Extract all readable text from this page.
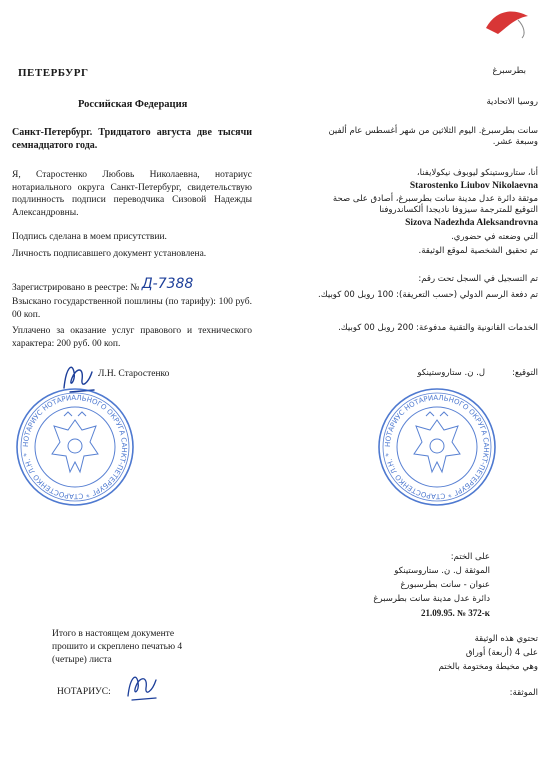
ПЕТЕРБУРГ
Российская Федерация
Санкт-Петербург. Тридцатого августа две тысячи семнадцатого года.
Я, Старостенко Любовь Николаевна, нотариус нотариального округа Санкт-Петербург, свидетельствую подлинность подписи переводчика Сизовой Надежды Александровны.
Подпись сделана в моем присутствии.
Личность подписавшего документ установлена.
Зарегистрировано в реестре: № Д-7388
Взыскано государственной пошлины (по тарифу): 100 руб. 00 коп.
Уплачено за оказание услуг правового и технического характера: 200 руб. 00 коп.
Л.Н. Старостенко
НОТАРИУС НОТАРИАЛЬНОГО ОКРУГА САНКТ-ПЕТЕРБУРГ * СТАРОСТЕНКО Л.Н. *
Итого в настоящем документе прошито и скреплено печатью 4 (четыре) листа
НОТАРИУС:
بطرسبرغ
روسيا الاتحادية
سانت بطرسبرغ. اليوم الثلاثين من شهر أغسطس عام ألفين وسبعة عشر.
أنا، ستاروستينكو ليوبوف نيكولايفنا،
Starostenko Liubov Nikolaevna
موثقة دائرة عدل مدينة سانت بطرسبرغ، أصادق على صحة التوقيع للمترجمة سيزوفا ناديجدا ألكساندروفنا
Sizova Nadezhda Aleksandrovna
التي وضعته في حضوري.
تم تحقيق الشخصية لموقع الوثيقة.
تم التسجيل في السجل تحت رقم:
تم دفعة الرسم الدولي (حسب التعريفة): 100 روبل 00 كوبيك.
الخدمات القانونية والتقنية مدفوعة: 200 روبل 00 كوبيك.
التوقيع:          ل. ن. ستاروستينكو
НОТАРИУС НОТАРИАЛЬНОГО ОКРУГА САНКТ-ПЕТЕРБУРГ * СТАРОСТЕНКО Л.Н. *
على الختم:
الموثقة ل. ن. ستاروستينكو
عنوان - سانت بطرسبورغ
دائرة عدل مدينة سانت بطرسبرغ
21.09.95. № 372-к
تحتوي هذه الوثيقة
على 4 (أربعة) أوراق
وهي مخيطة ومختومة بالختم
الموثقة:
